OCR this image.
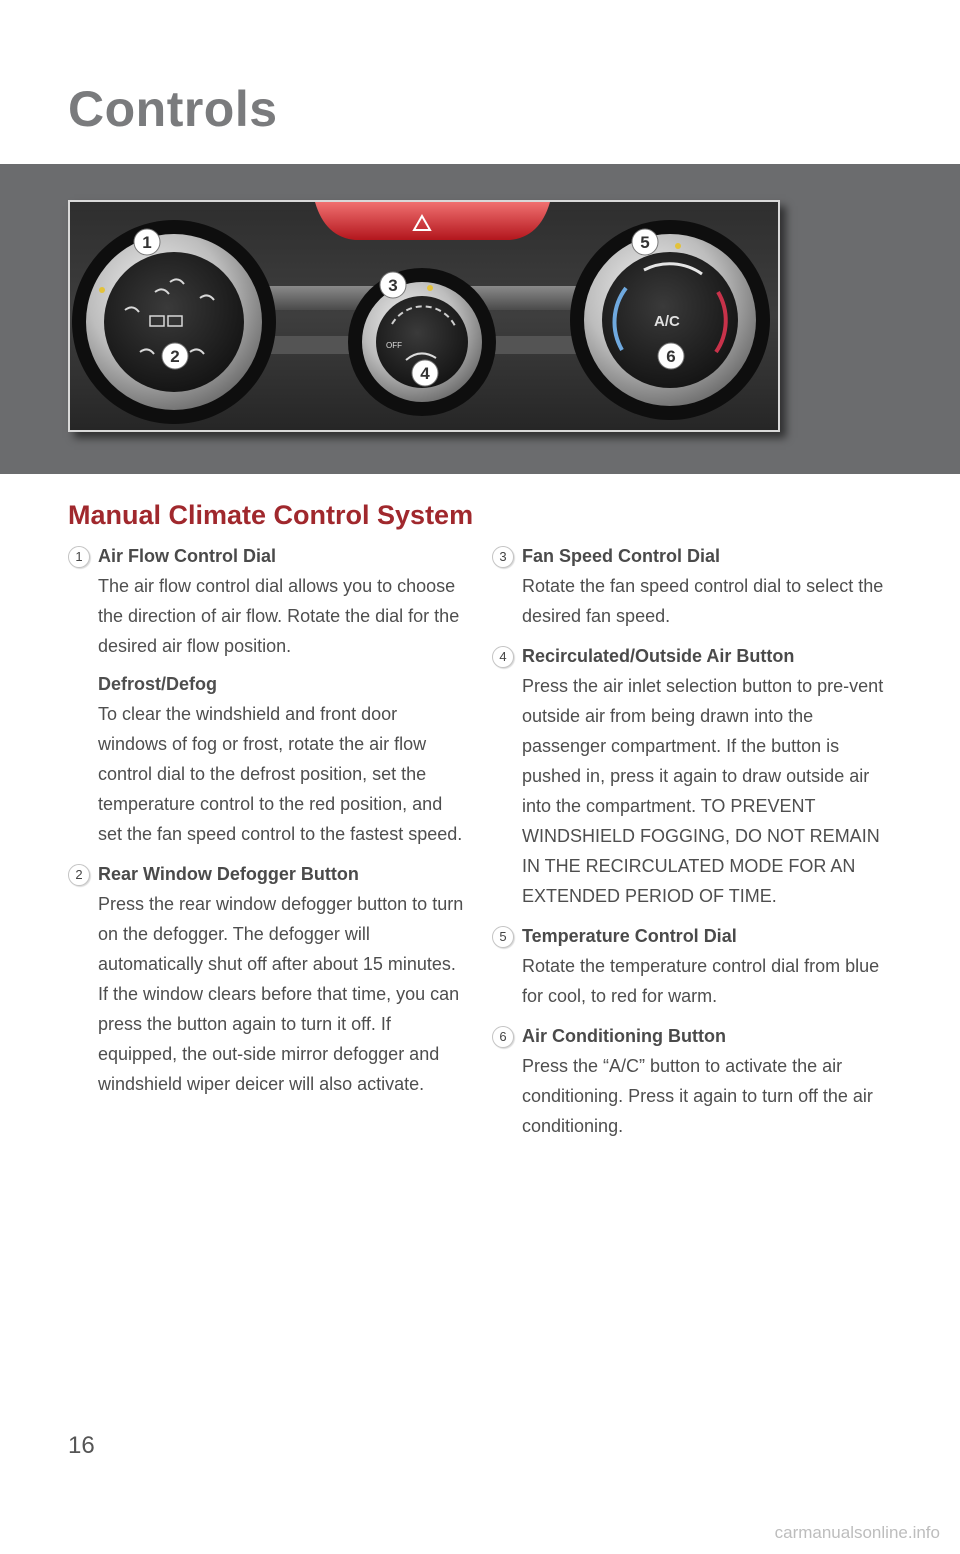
Controls
OFF
A/C
1
2
3
4
5
6
Manual Climate Control System
1 Air Flow Control Dial

The air flow control dial allows you to choose the direction of air flow. Rotate the dial for the desired air flow position.

Defrost/Defog

To clear the windshield and front door windows of fog or frost, rotate the air flow control dial to the defrost position, set the temperature control to the red position, and set the fan speed control to the fastest speed.

2 Rear Window Defogger Button

Press the rear window defogger button to turn on the defogger. The defogger will automatically shut off after about 15 minutes. If the window clears before that time, you can press the button again to turn it off. If equipped, the out-side mirror defogger and windshield wiper deicer will also activate.

3 Fan Speed Control Dial

Rotate the fan speed control dial to select the desired fan speed.

4 Recirculated/Outside Air Button

Press the air inlet selection button to pre-vent outside air from being drawn into the passenger compartment. If the button is pushed in, press it again to draw outside air into the compartment. TO PREVENT WINDSHIELD FOGGING, DO NOT REMAIN IN THE RECIRCULATED MODE FOR AN EXTENDED PERIOD OF TIME.

5 Temperature Control Dial

Rotate the temperature control dial from blue for cool, to red for warm.

6 Air Conditioning Button

Press the “A/C” button to activate the air conditioning. Press it again to turn off the air conditioning.

16

carmanualsonline.info
